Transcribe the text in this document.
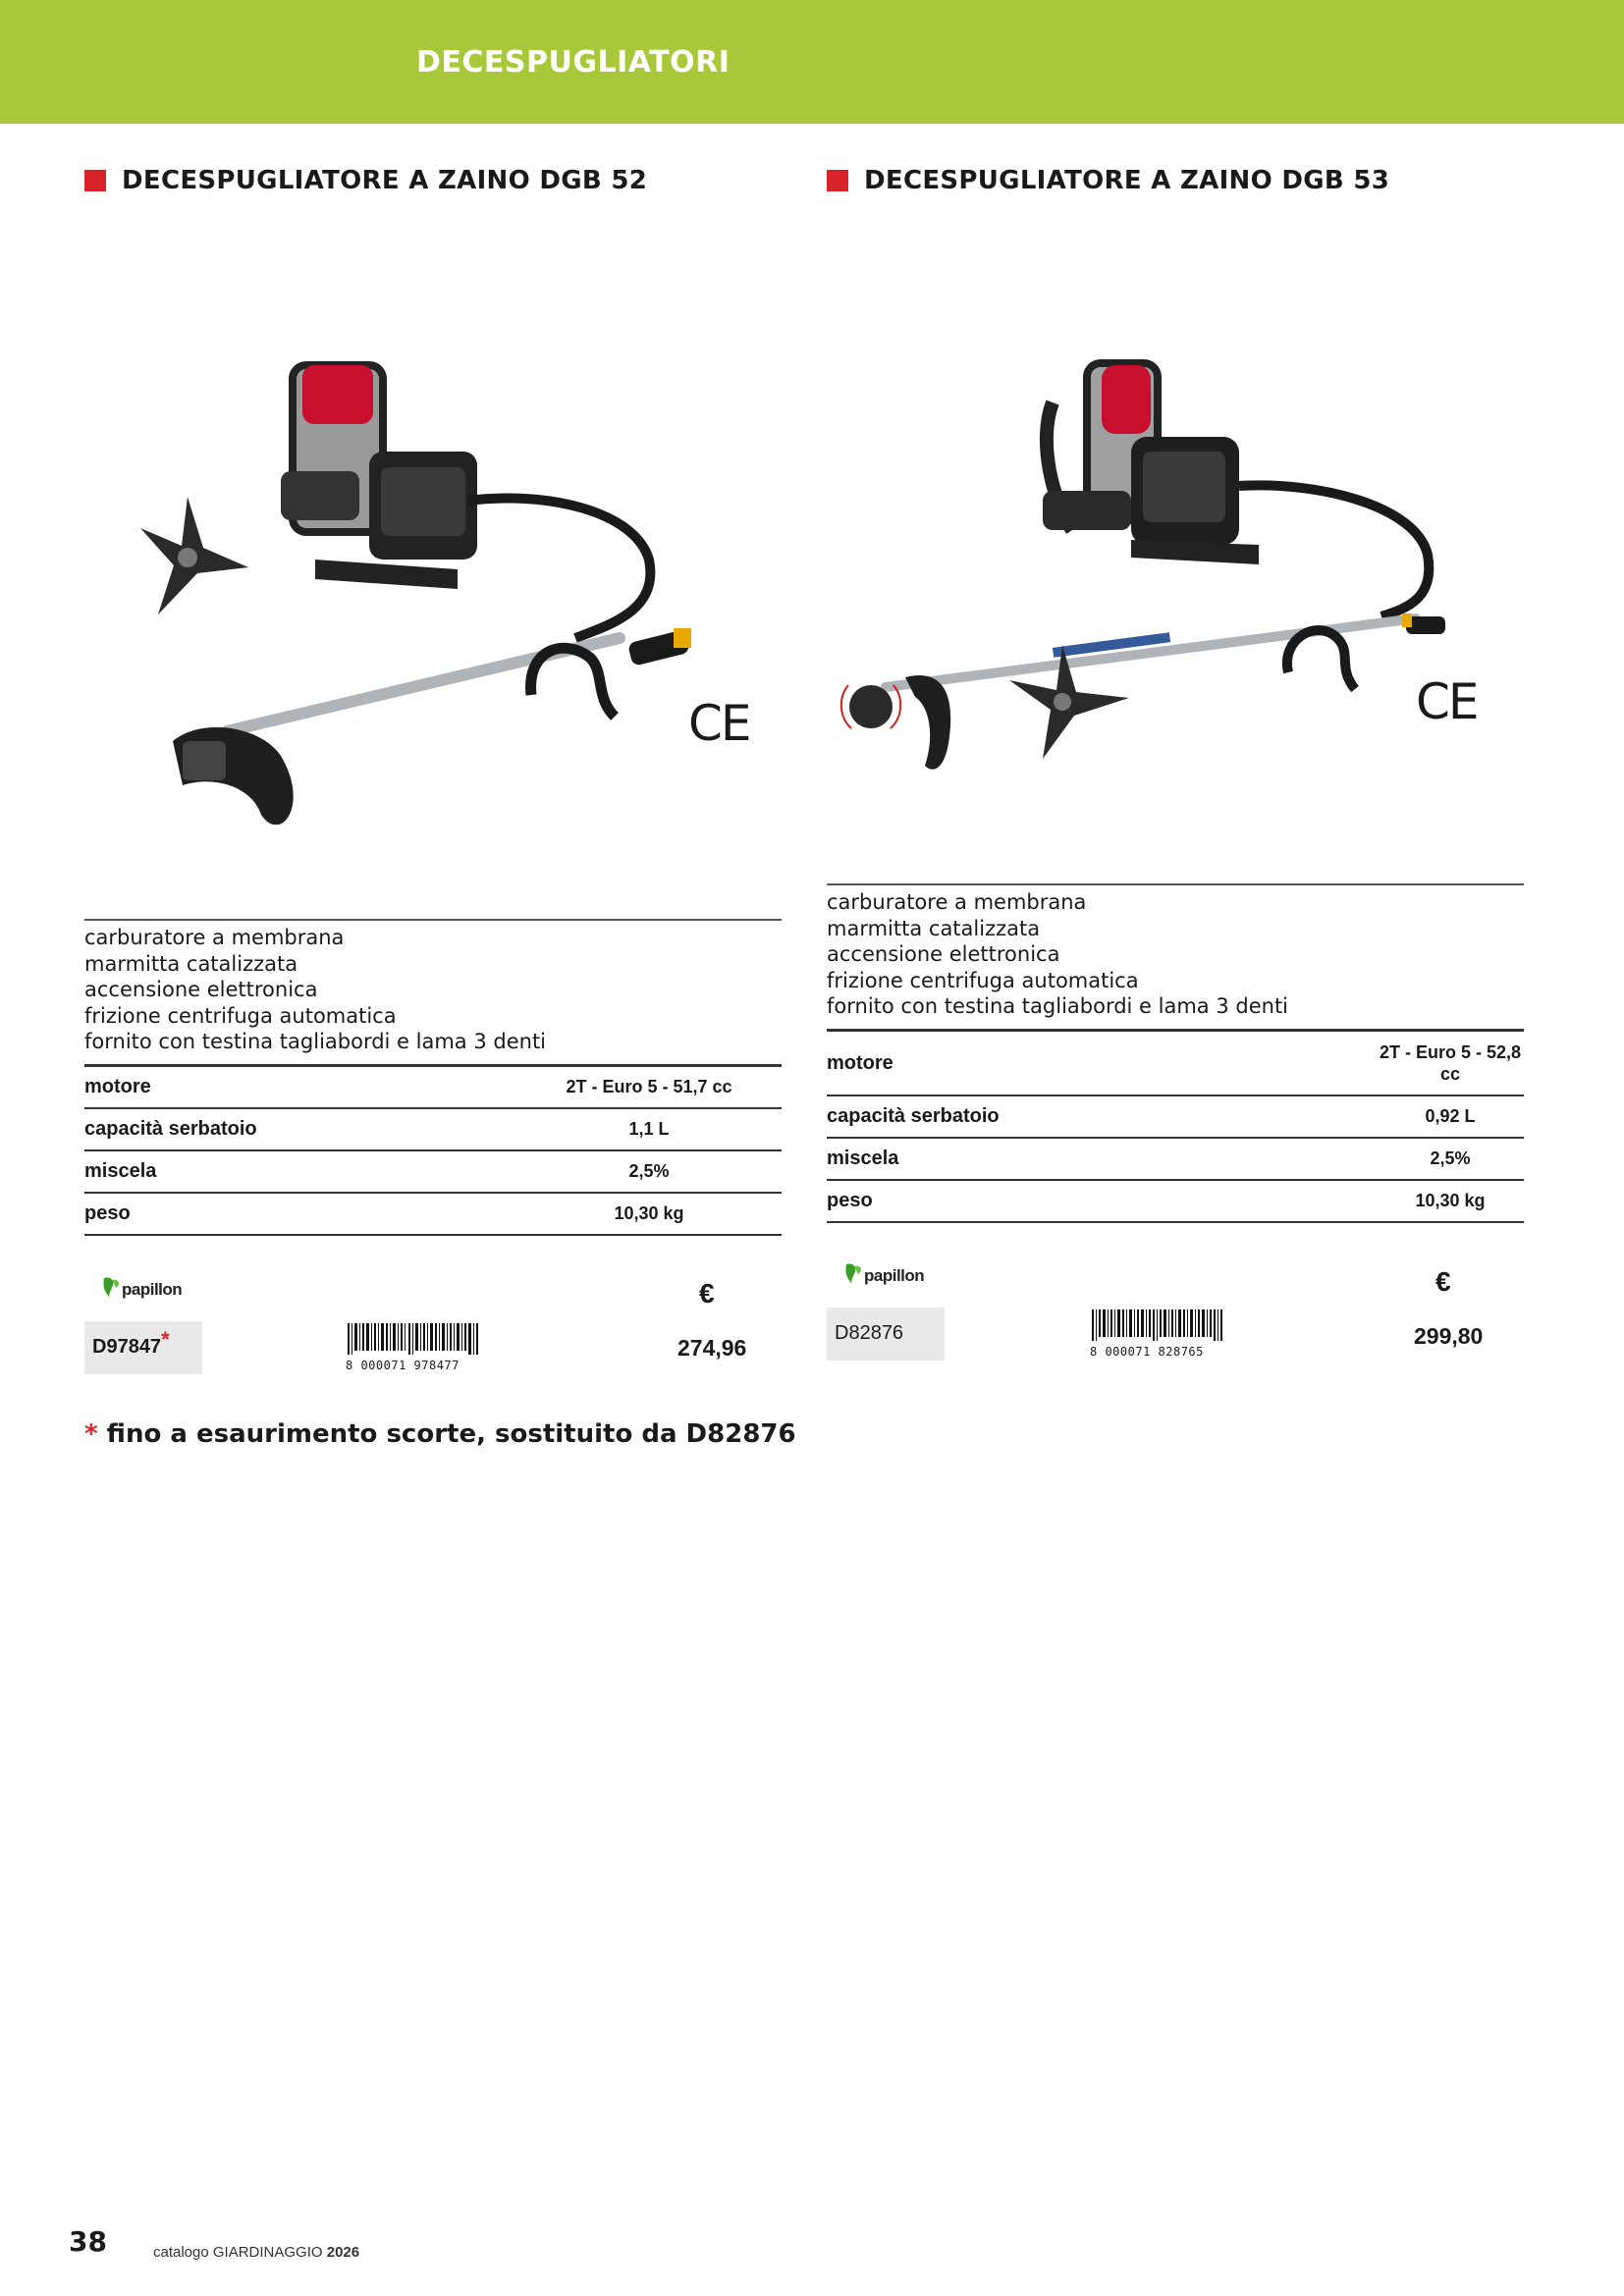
DECESPUGLIATORI
DECESPUGLIATORE A ZAINO DGB 52
CE
carburatore a membrana
marmitta catalizzata
accensione elettronica
frizione centrifuga automatica
fornito con testina tagliabordi e lama 3 denti
motore	2T - Euro 5 - 51,7 cc
capacità serbatoio	1,1 L
miscela	2,5%
peso	10,30 kg
papillon	€
D97847*
8 000071 978477
274,96
DECESPUGLIATORE A ZAINO DGB 53
CE
carburatore a membrana
marmitta catalizzata
accensione elettronica
frizione centrifuga automatica
fornito con testina tagliabordi e lama 3 denti
motore	2T - Euro 5 - 52,8 cc
capacità serbatoio	0,92 L
miscela	2,5%
peso	10,30 kg
papillon	€
D82876
8 000071 828765
299,80
* fino a esaurimento scorte, sostituito da D82876
38	catalogo GIARDINAGGIO 2026
